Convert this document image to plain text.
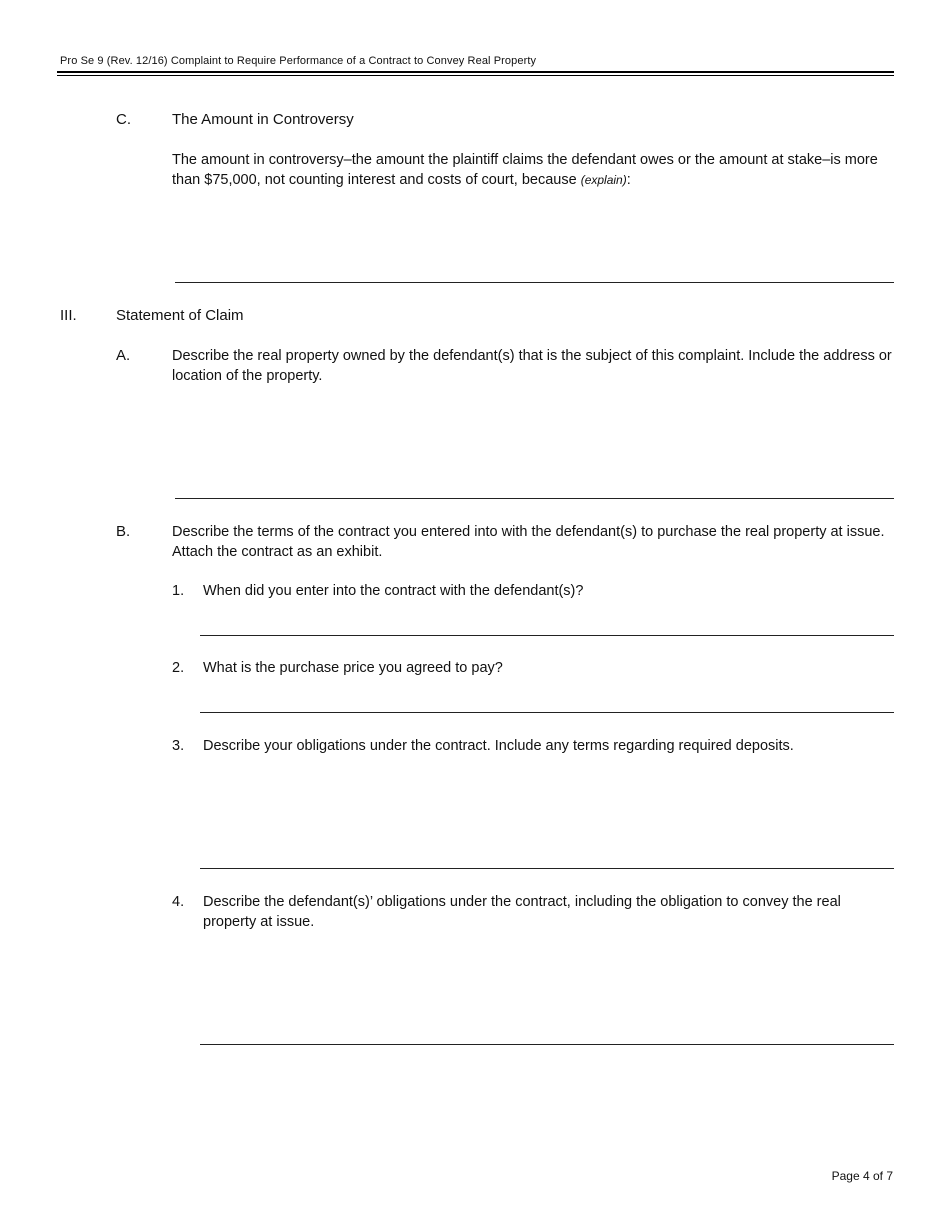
Pro Se 9 (Rev. 12/16) Complaint to Require Performance of a Contract to Convey Real Property
C.	The Amount in Controversy
The amount in controversy–the amount the plaintiff claims the defendant owes or the amount at stake–is more than $75,000, not counting interest and costs of court, because (explain):
III.	Statement of Claim
A.	Describe the real property owned by the defendant(s) that is the subject of this complaint. Include the address or location of the property.
B.	Describe the terms of the contract you entered into with the defendant(s) to purchase the real property at issue. Attach the contract as an exhibit.
1. When did you enter into the contract with the defendant(s)?
2. What is the purchase price you agreed to pay?
3. Describe your obligations under the contract. Include any terms regarding required deposits.
4. Describe the defendant(s)’ obligations under the contract, including the obligation to convey the real property at issue.
Page 4 of 7
